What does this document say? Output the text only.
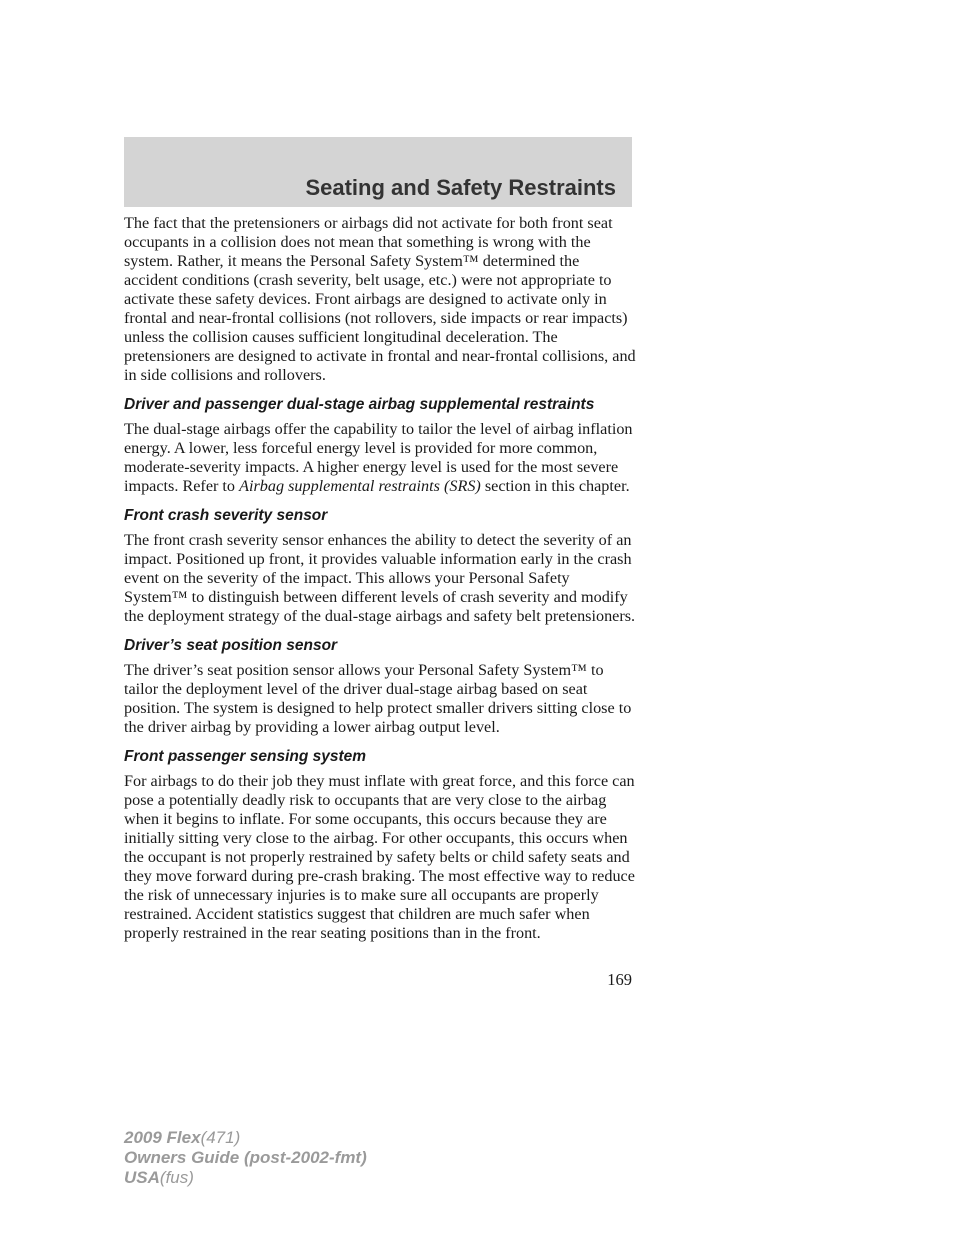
Seating and Safety Restraints

The fact that the pretensioners or airbags did not activate for both front seat occupants in a collision does not mean that something is wrong with the system. Rather, it means the Personal Safety System™ determined the accident conditions (crash severity, belt usage, etc.) were not appropriate to activate these safety devices. Front airbags are designed to activate only in frontal and near-frontal collisions (not rollovers, side impacts or rear impacts) unless the collision causes sufficient longitudinal deceleration. The pretensioners are designed to activate in frontal and near-frontal collisions, and in side collisions and rollovers.

Driver and passenger dual-stage airbag supplemental restraints

The dual-stage airbags offer the capability to tailor the level of airbag inflation energy. A lower, less forceful energy level is provided for more common, moderate-severity impacts. A higher energy level is used for the most severe impacts. Refer to Airbag supplemental restraints (SRS) section in this chapter.

Front crash severity sensor

The front crash severity sensor enhances the ability to detect the severity of an impact. Positioned up front, it provides valuable information early in the crash event on the severity of the impact. This allows your Personal Safety System™ to distinguish between different levels of crash severity and modify the deployment strategy of the dual-stage airbags and safety belt pretensioners.

Driver’s seat position sensor

The driver’s seat position sensor allows your Personal Safety System™ to tailor the deployment level of the driver dual-stage airbag based on seat position. The system is designed to help protect smaller drivers sitting close to the driver airbag by providing a lower airbag output level.

Front passenger sensing system

For airbags to do their job they must inflate with great force, and this force can pose a potentially deadly risk to occupants that are very close to the airbag when it begins to inflate. For some occupants, this occurs because they are initially sitting very close to the airbag. For other occupants, this occurs when the occupant is not properly restrained by safety belts or child safety seats and they move forward during pre-crash braking. The most effective way to reduce the risk of unnecessary injuries is to make sure all occupants are properly restrained. Accident statistics suggest that children are much safer when properly restrained in the rear seating positions than in the front.

169
2009 Flex(471)
Owners Guide (post-2002-fmt)
USA(fus)
